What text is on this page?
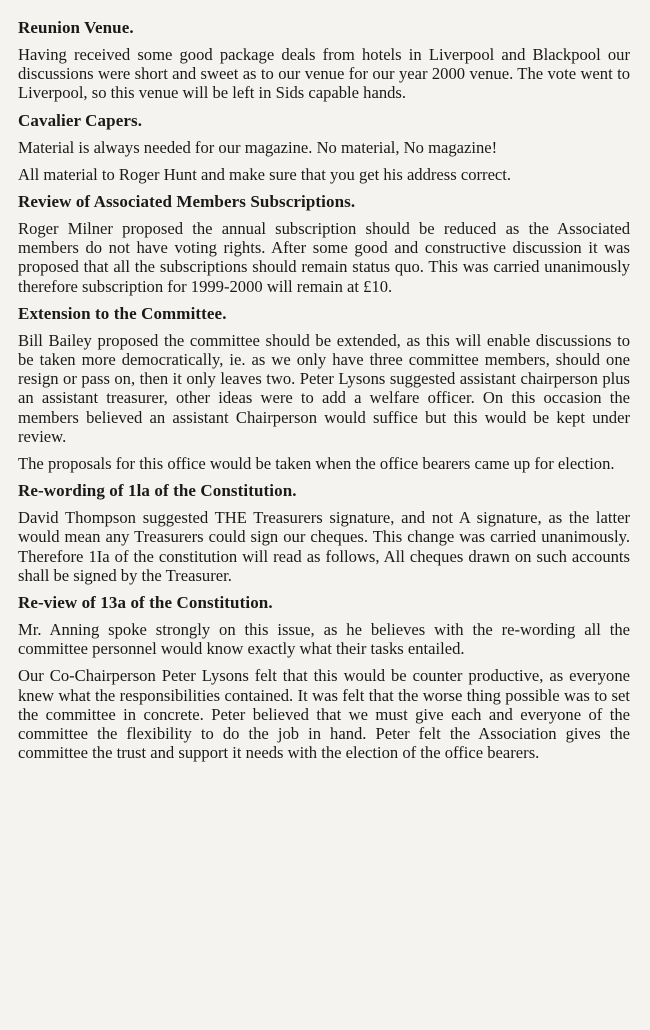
Reunion Venue.

Having received some good package deals from hotels in Liverpool and Blackpool our discussions were short and sweet as to our venue for our year 2000 venue. The vote went to Liverpool, so this venue will be left in Sids capable hands.

Cavalier Capers.

Material is always needed for our magazine. No material, No magazine!

All material to Roger Hunt and make sure that you get his address correct.

Review of Associated Members Subscriptions.

Roger Milner proposed the annual subscription should be reduced as the Associated members do not have voting rights. After some good and constructive discussion it was proposed that all the subscriptions should remain status quo. This was carried unanimously therefore subscription for 1999-2000 will remain at £10.

Extension to the Committee.

Bill Bailey proposed the committee should be extended, as this will enable discussions to be taken more democratically, ie. as we only have three committee members, should one resign or pass on, then it only leaves two. Peter Lysons suggested assistant chairperson plus an assistant treasurer, other ideas were to add a welfare officer. On this occasion the members believed an assistant Chairperson would suffice but this would be kept under review.

The proposals for this office would be taken when the office bearers came up for election.

Re-wording of 1la of the Constitution.

David Thompson suggested THE Treasurers signature, and not A signature, as the latter would mean any Treasurers could sign our cheques. This change was carried unanimously. Therefore 1Ia of the constitution will read as follows, All cheques drawn on such accounts shall be signed by the Treasurer.

Re-view of 13a of the Constitution.

Mr. Anning spoke strongly on this issue, as he believes with the re-wording all the committee personnel would know exactly what their tasks entailed.

Our Co-Chairperson Peter Lysons felt that this would be counter productive, as everyone knew what the responsibilities contained. It was felt that the worse thing possible was to set the committee in concrete. Peter believed that we must give each and everyone of the committee the flexibility to do the job in hand. Peter felt the Association gives the committee the trust and support it needs with the election of the office bearers.
